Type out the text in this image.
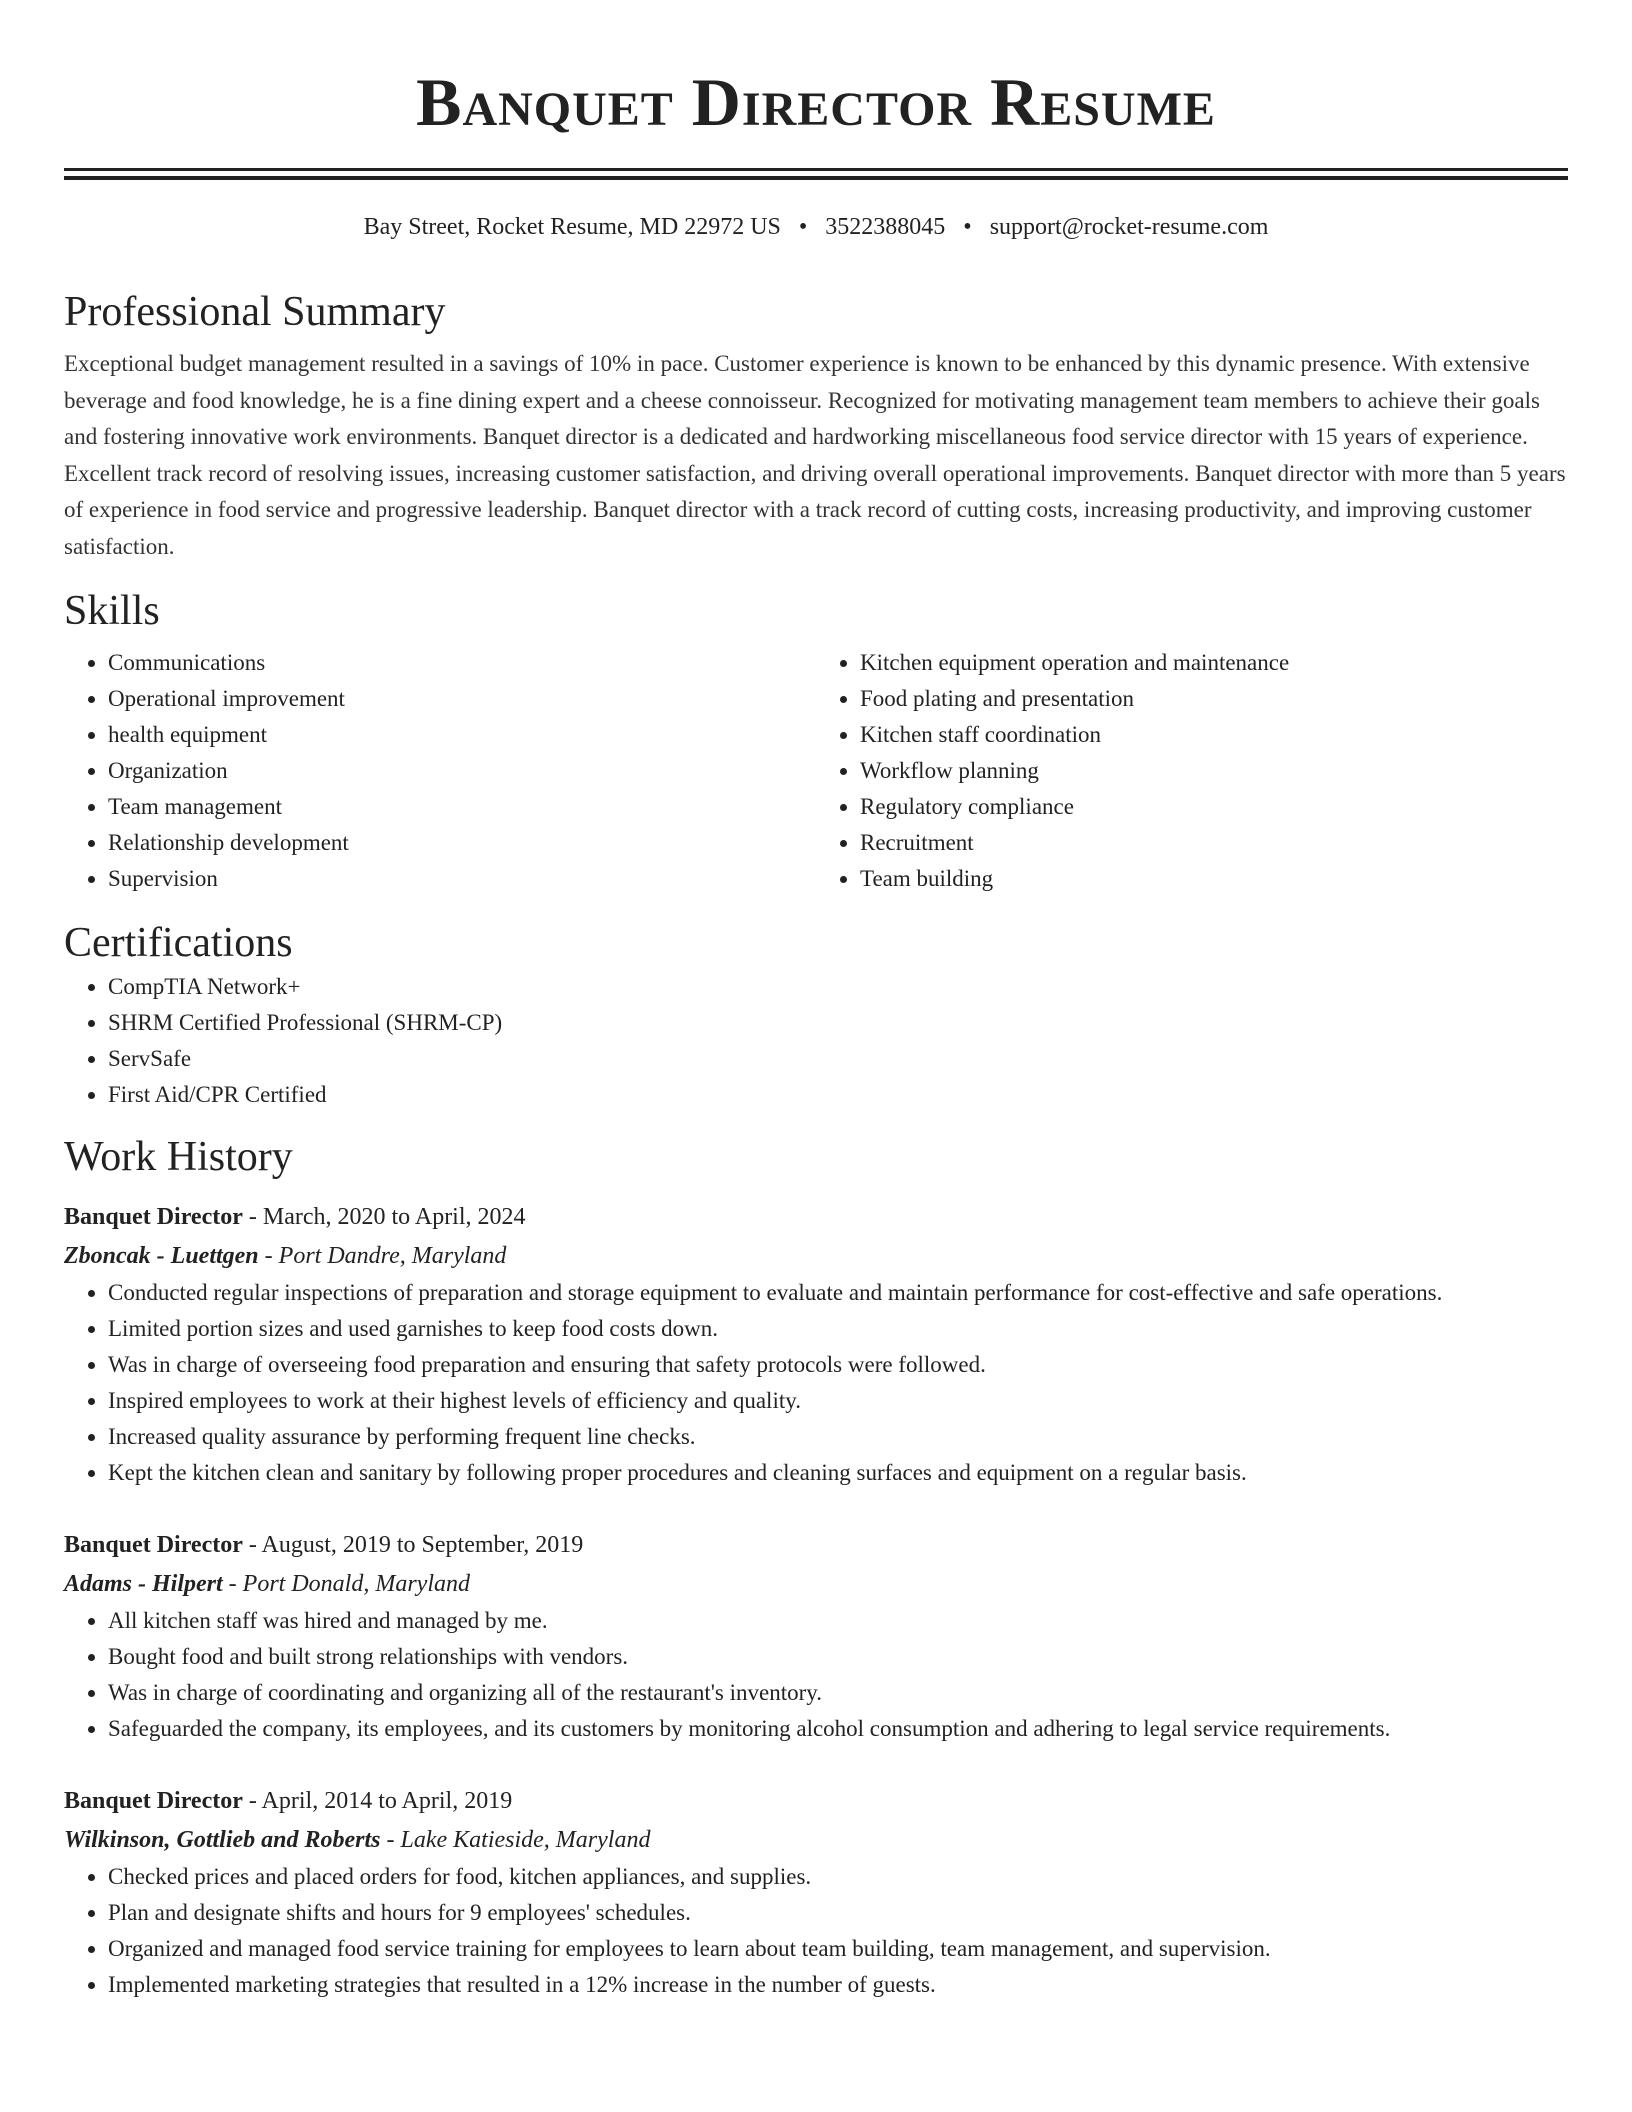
Banquet Director Resume
Bay Street, Rocket Resume, MD 22972 US • 3522388045 • support@rocket-resume.com
Professional Summary

Exceptional budget management resulted in a savings of 10% in pace. Customer experience is known to be enhanced by this dynamic presence. With extensive beverage and food knowledge, he is a fine dining expert and a cheese connoisseur. Recognized for motivating management team members to achieve their goals and fostering innovative work environments. Banquet director is a dedicated and hardworking miscellaneous food service director with 15 years of experience. Excellent track record of resolving issues, increasing customer satisfaction, and driving overall operational improvements. Banquet director with more than 5 years of experience in food service and progressive leadership. Banquet director with a track record of cutting costs, increasing productivity, and improving customer satisfaction.

Skills
• Communications
• Operational improvement
• health equipment
• Organization
• Team management
• Relationship development
• Supervision
• Kitchen equipment operation and maintenance
• Food plating and presentation
• Kitchen staff coordination
• Workflow planning
• Regulatory compliance
• Recruitment
• Team building
Certifications
• CompTIA Network+
• SHRM Certified Professional (SHRM-CP)
• ServSafe
• First Aid/CPR Certified
Work History
Banquet Director - March, 2020 to April, 2024
Zboncak - Luettgen - Port Dandre, Maryland
• Conducted regular inspections of preparation and storage equipment to evaluate and maintain performance for cost-effective and safe operations.
• Limited portion sizes and used garnishes to keep food costs down.
• Was in charge of overseeing food preparation and ensuring that safety protocols were followed.
• Inspired employees to work at their highest levels of efficiency and quality.
• Increased quality assurance by performing frequent line checks.
• Kept the kitchen clean and sanitary by following proper procedures and cleaning surfaces and equipment on a regular basis.
Banquet Director - August, 2019 to September, 2019
Adams - Hilpert - Port Donald, Maryland
• All kitchen staff was hired and managed by me.
• Bought food and built strong relationships with vendors.
• Was in charge of coordinating and organizing all of the restaurant's inventory.
• Safeguarded the company, its employees, and its customers by monitoring alcohol consumption and adhering to legal service requirements.
Banquet Director - April, 2014 to April, 2019
Wilkinson, Gottlieb and Roberts - Lake Katieside, Maryland
• Checked prices and placed orders for food, kitchen appliances, and supplies.
• Plan and designate shifts and hours for 9 employees' schedules.
• Organized and managed food service training for employees to learn about team building, team management, and supervision.
• Implemented marketing strategies that resulted in a 12% increase in the number of guests.
